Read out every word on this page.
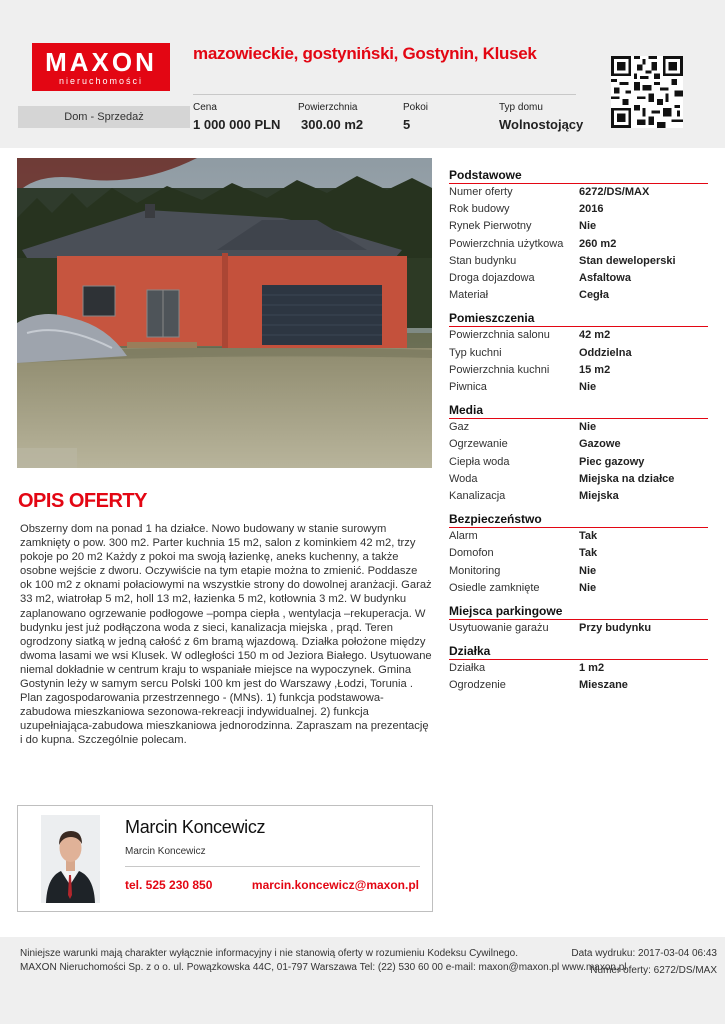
MAXON
nieruchomości
mazowieckie, gostyniński, Gostynin, Klusek
Dom - Sprzedaż
Cena
1 000 000 PLN
Powierzchnia
300.00 m2
Pokoi
5
Typ domu
Wolnostojący
OPIS OFERTY
Obszerny dom na ponad 1 ha działce. Nowo budowany w stanie surowym zamknięty o pow. 300 m2. Parter kuchnia 15 m2, salon z kominkiem 42 m2, trzy pokoje po 20 m2 Każdy z pokoi ma swoją łazienkę, aneks kuchenny, a także osobne wejście z dworu. Oczywiście na tym etapie można to zmienić. Poddasze ok 100 m2 z oknami połaciowymi na wszystkie strony do dowolnej aranżacji. Garaż 33 m2, wiatrołap 5 m2, holl 13 m2, łazienka 5 m2, kotłownia 3 m2. W budynku zaplanowano ogrzewanie podłogowe –pompa ciepła , wentylacja –rekuperacja. W budynku jest już podłączona woda z sieci, kanalizacja miejska , prąd. Teren ogrodzony siatką w jedną całość z 6m bramą wjazdową. Działka położone między dwoma lasami we wsi Klusek. W odległości 150 m od Jeziora Białego. Usytuowane niemal dokładnie w centrum kraju to wspaniałe miejsce na wypoczynek. Gmina Gostynin leży w samym sercu Polski 100 km jest do Warszawy ,Łodzi, Torunia . Plan zagospodarowania przestrzennego - (MNs). 1) funkcja podstawowa-zabudowa mieszkaniowa sezonowa-rekreacji indywidualnej. 2) funkcja uzupełniająca-zabudowa mieszkaniowa jednorodzinna. Zapraszam na prezentację i do kupna. Szczególnie polecam.
Podstawowe
Numer oferty	6272/DS/MAX
Rok budowy	2016
Rynek Pierwotny	Nie
Powierzchnia użytkowa	260 m2
Stan budynku	Stan deweloperski
Droga dojazdowa	Asfaltowa
Materiał	Cegła
Pomieszczenia
Powierzchnia salonu	42 m2
Typ kuchni	Oddzielna
Powierzchnia kuchni	15 m2
Piwnica	Nie
Media
Gaz	Nie
Ogrzewanie	Gazowe
Ciepła woda	Piec gazowy
Woda	Miejska na działce
Kanalizacja	Miejska
Bezpieczeństwo
Alarm	Tak
Domofon	Tak
Monitoring	Nie
Osiedle zamknięte	Nie
Miejsca parkingowe
Usytuowanie garażu	Przy budynku
Działka
Działka	1 m2
Ogrodzenie	Mieszane
Marcin Koncewicz
Marcin Koncewicz
tel. 525 230 850	marcin.koncewicz@maxon.pl
Niniejsze warunki mają charakter wyłącznie informacyjny i nie stanowią oferty w rozumieniu Kodeksu Cywilnego.
MAXON Nieruchomości Sp. z o o. ul. Powązkowska 44C, 01-797 Warszawa Tel: (22) 530 60 00 e-mail: maxon@maxon.pl www.maxon.pl
Data wydruku: 2017-03-04 06:43
Numer oferty: 6272/DS/MAX
